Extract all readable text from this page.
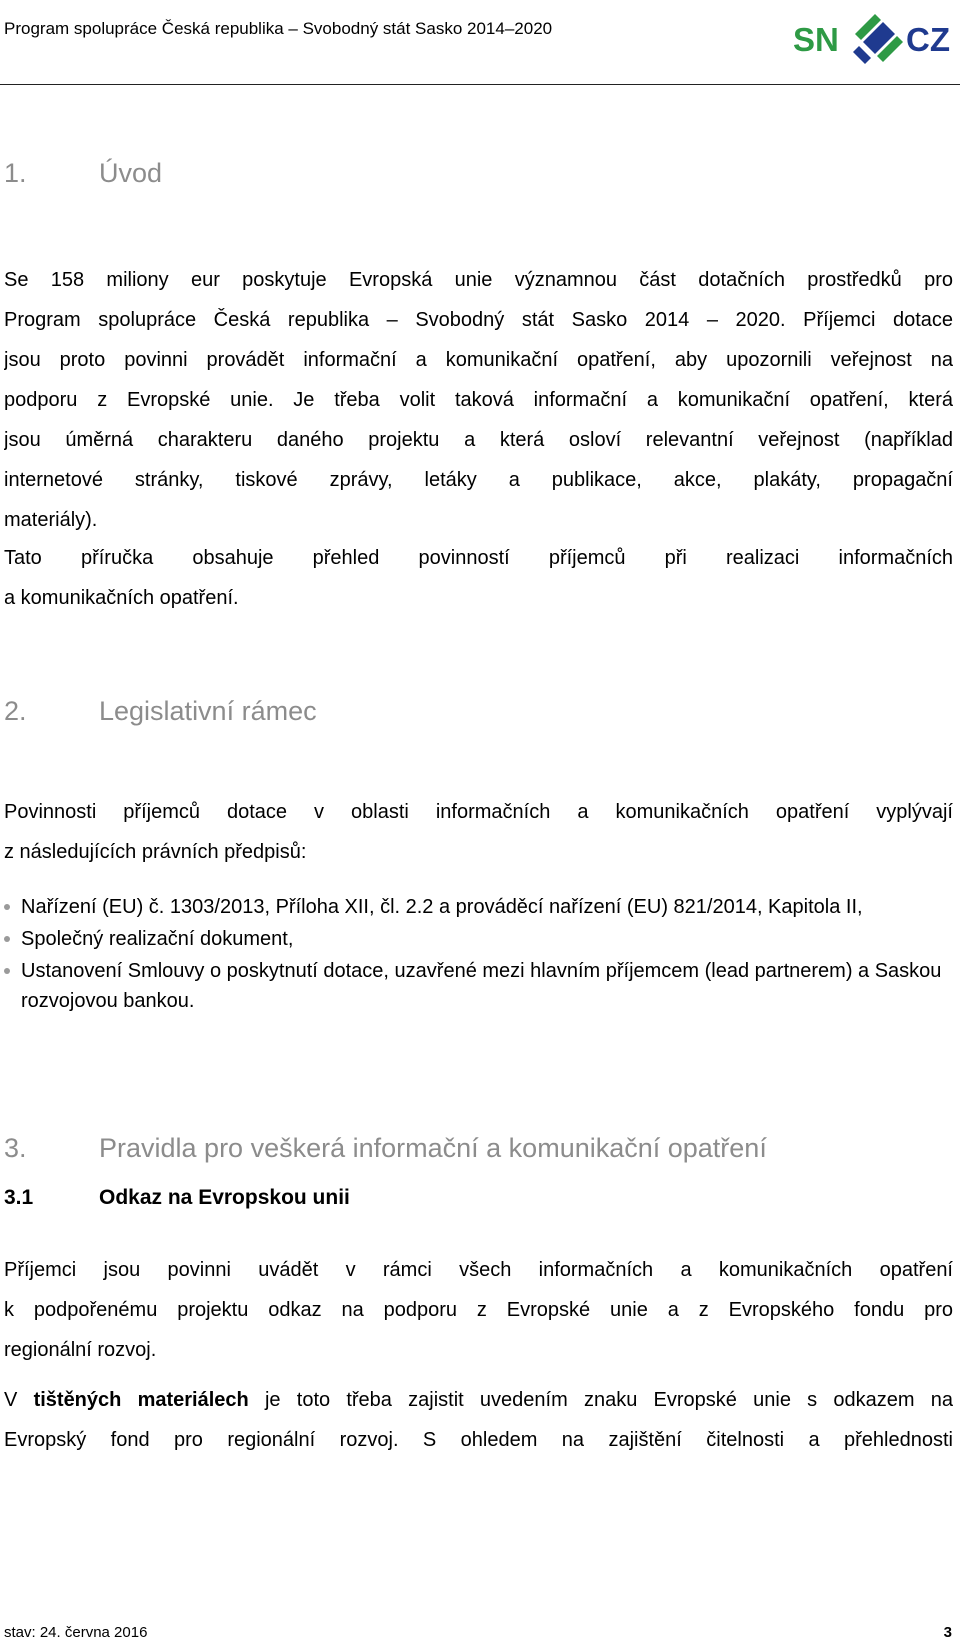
Program spolupráce Česká republika – Svobodný stát Sasko 2014–2020	SN CZ
1.	Úvod
Se 158 miliony eur poskytuje Evropská unie významnou část dotačních prostředků pro
Program spolupráce Česká republika – Svobodný stát Sasko 2014 – 2020. Příjemci dotace
jsou proto povinni provádět informační a komunikační opatření, aby upozornili veřejnost na
podporu z Evropské unie. Je třeba volit taková informační a komunikační opatření, která
jsou úměrná charakteru daného projektu a která osloví relevantní veřejnost (například
internetové stránky, tiskové zprávy, letáky a publikace, akce, plakáty, propagační
materiály).
Tato příručka obsahuje přehled povinností příjemců při realizaci informačních
a komunikačních opatření.
2.	Legislativní rámec
Povinnosti příjemců dotace v oblasti informačních a komunikačních opatření vyplývají
z následujících právních předpisů:
Nařízení (EU) č. 1303/2013, Příloha XII, čl. 2.2 a prováděcí nařízení (EU) 821/2014, Kapitola II,
Společný realizační dokument,
Ustanovení Smlouvy o poskytnutí dotace, uzavřené mezi hlavním příjemcem (lead partnerem) a Saskou rozvojovou bankou.
3.	Pravidla pro veškerá informační a komunikační opatření
3.1	Odkaz na Evropskou unii
Příjemci jsou povinni uvádět v rámci všech informačních a komunikačních opatření
k podpořenému projektu odkaz na podporu z Evropské unie a z Evropského fondu pro
regionální rozvoj.
V tištěných materiálech je toto třeba zajistit uvedením znaku Evropské unie s odkazem na
Evropský fond pro regionální rozvoj. S ohledem na zajištění čitelnosti a přehlednosti
stav: 24. června 2016	3
